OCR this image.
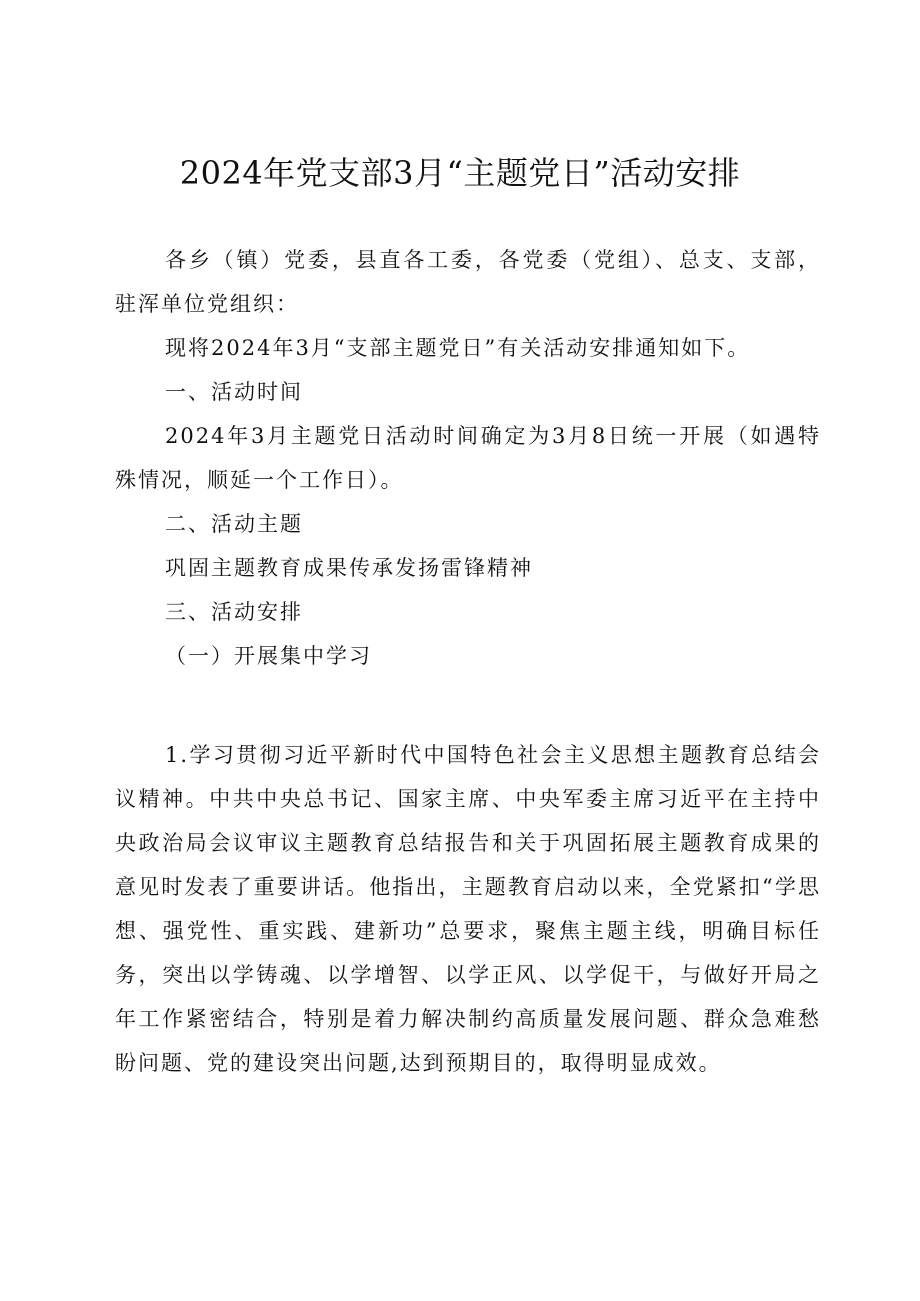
2024年党支部3月“主题党日”活动安排

各乡（镇）党委，县直各工委，各党委（党组）、总支、支部，驻浑单位党组织：

现将2024年3月“支部主题党日”有关活动安排通知如下。

一、活动时间

2024年3月主题党日活动时间确定为3月8日统一开展（如遇特殊情况，顺延一个工作日）。

二、活动主题

巩固主题教育成果传承发扬雷锋精神

三、活动安排

（一）开展集中学习

1.学习贯彻习近平新时代中国特色社会主义思想主题教育总结会议精神。中共中央总书记、国家主席、中央军委主席习近平在主持中央政治局会议审议主题教育总结报告和关于巩固拓展主题教育成果的意见时发表了重要讲话。他指出，主题教育启动以来，全党紧扣“学思想、强党性、重实践、建新功”总要求，聚焦主题主线，明确目标任务，突出以学铸魂、以学增智、以学正风、以学促干，与做好开局之年工作紧密结合，特别是着力解决制约高质量发展问题、群众急难愁盼问题、党的建设突出问题,达到预期目的，取得明显成效。
